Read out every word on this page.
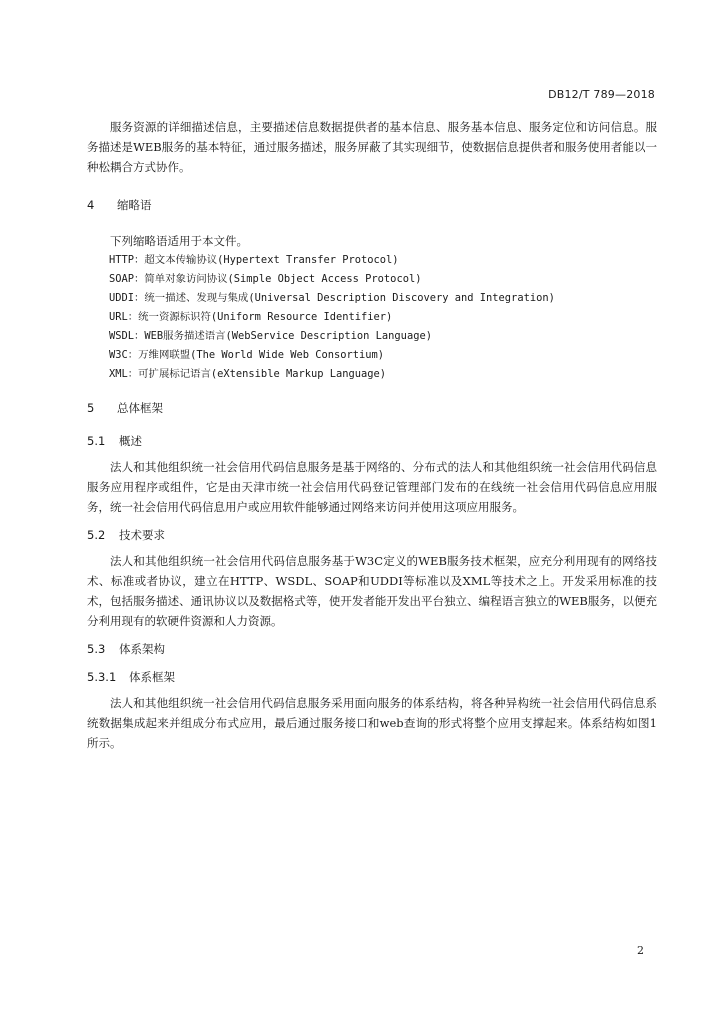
DB12/T 789—2018

服务资源的详细描述信息，主要描述信息数据提供者的基本信息、服务基本信息、服务定位和访问信息。服务描述是WEB服务的基本特征，通过服务描述，服务屏蔽了其实现细节，使数据信息提供者和服务使用者能以一种松耦合方式协作。

4 缩略语

下列缩略语适用于本文件。

HTTP：超文本传输协议(Hypertext Transfer Protocol)
SOAP：简单对象访问协议(Simple Object Access Protocol)
UDDI：统一描述、发现与集成(Universal Description Discovery and Integration)
URL：统一资源标识符(Uniform Resource Identifier)
WSDL：WEB服务描述语言(WebService Description Language)
W3C：万维网联盟(The World Wide Web Consortium)
XML：可扩展标记语言(eXtensible Markup Language)
5 总体框架
5.1 概述

法人和其他组织统一社会信用代码信息服务是基于网络的、分布式的法人和其他组织统一社会信用代码信息服务应用程序或组件，它是由天津市统一社会信用代码登记管理部门发布的在线统一社会信用代码信息应用服务，统一社会信用代码信息用户或应用软件能够通过网络来访问并使用这项应用服务。

5.2 技术要求

法人和其他组织统一社会信用代码信息服务基于W3C定义的WEB服务技术框架，应充分利用现有的网络技术、标准或者协议，建立在HTTP、WSDL、SOAP和UDDI等标准以及XML等技术之上。开发采用标准的技术，包括服务描述、通讯协议以及数据格式等，使开发者能开发出平台独立、编程语言独立的WEB服务，以便充分利用现有的软硬件资源和人力资源。

5.3 体系架构
5.3.1 体系框架

法人和其他组织统一社会信用代码信息服务采用面向服务的体系结构，将各种异构统一社会信用代码信息系统数据集成起来并组成分布式应用，最后通过服务接口和web查询的形式将整个应用支撑起来。体系结构如图1所示。

2
